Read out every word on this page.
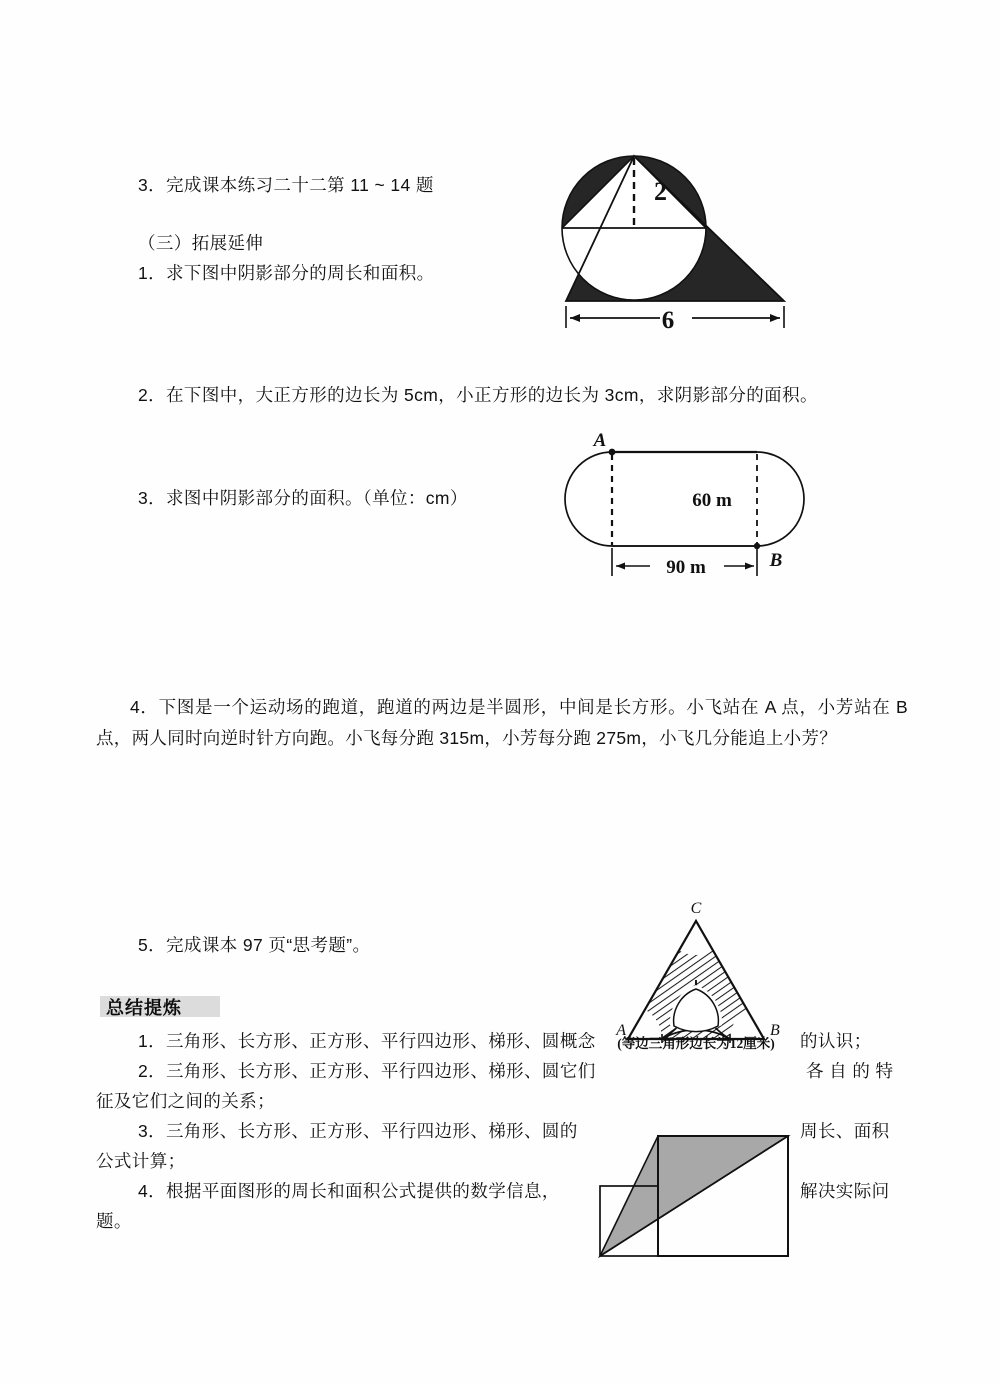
3．完成课本练习二十二第 11 ~ 14 题
（三）拓展延伸
1．求下图中阴影部分的周长和面积。
2．在下图中，大正方形的边长为 5cm，小正方形的边长为 3cm，求阴影部分的面积。
3．求图中阴影部分的面积。（单位：cm）
4．下图是一个运动场的跑道，跑道的两边是半圆形，中间是长方形。小飞站在 A 点，小芳站在 B 点，两人同时向逆时针方向跑。小飞每分跑 315m，小芳每分跑 275m，小飞几分能追上小芳？
5．完成课本 97 页“思考题”。
总结提炼
1．三角形、长方形、正方形、平行四边形、梯形、圆概念	的认识；
2．三角形、长方形、正方形、平行四边形、梯形、圆它们	各 自 的 特
征及它们之间的关系；
3．三角形、长方形、正方形、平行四边形、梯形、圆的	周长、面积
公式计算；
4．根据平面图形的周长和面积公式提供的数学信息，	解决实际问
题。
2
6
A
B
60 m
90 m
A	B
C
(等边三角形边长为12厘米)
